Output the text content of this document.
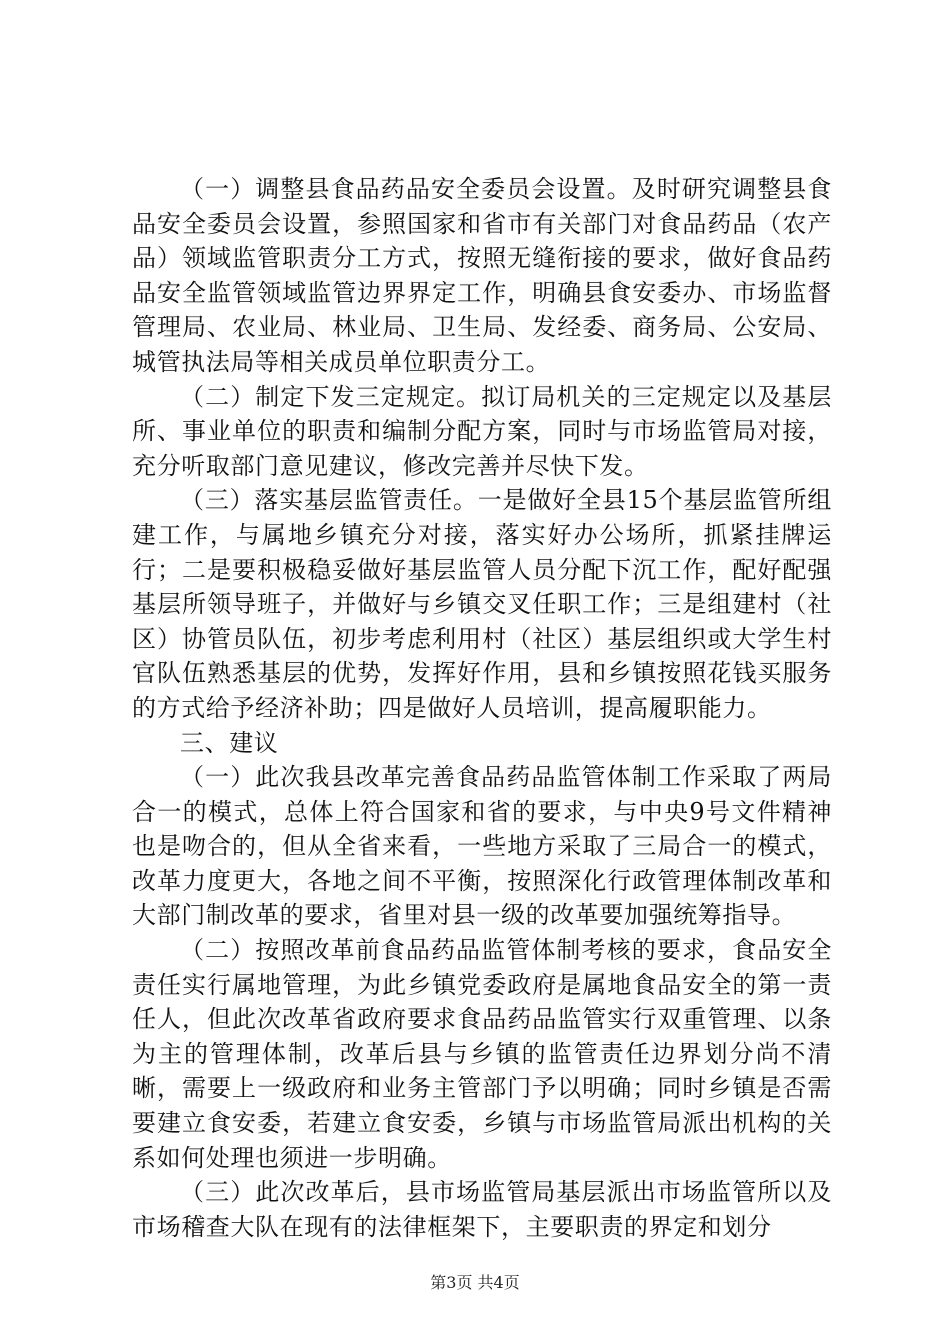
（一）调整县食品药品安全委员会设置。及时研究调整县食品安全委员会设置，参照国家和省市有关部门对食品药品（农产品）领域监管职责分工方式，按照无缝衔接的要求，做好食品药品安全监管领域监管边界界定工作，明确县食安委办、市场监督管理局、农业局、林业局、卫生局、发经委、商务局、公安局、城管执法局等相关成员单位职责分工。

（二）制定下发三定规定。拟订局机关的三定规定以及基层所、事业单位的职责和编制分配方案，同时与市场监管局对接，充分听取部门意见建议，修改完善并尽快下发。

（三）落实基层监管责任。一是做好全县15个基层监管所组建工作，与属地乡镇充分对接，落实好办公场所，抓紧挂牌运行；二是要积极稳妥做好基层监管人员分配下沉工作，配好配强基层所领导班子，并做好与乡镇交叉任职工作；三是组建村（社区）协管员队伍，初步考虑利用村（社区）基层组织或大学生村官队伍熟悉基层的优势，发挥好作用，县和乡镇按照花钱买服务的方式给予经济补助；四是做好人员培训，提高履职能力。

三、建议

（一）此次我县改革完善食品药品监管体制工作采取了两局合一的模式，总体上符合国家和省的要求，与中央9号文件精神也是吻合的，但从全省来看，一些地方采取了三局合一的模式，改革力度更大，各地之间不平衡，按照深化行政管理体制改革和大部门制改革的要求，省里对县一级的改革要加强统筹指导。

（二）按照改革前食品药品监管体制考核的要求，食品安全责任实行属地管理，为此乡镇党委政府是属地食品安全的第一责任人，但此次改革省政府要求食品药品监管实行双重管理、以条为主的管理体制，改革后县与乡镇的监管责任边界划分尚不清晰，需要上一级政府和业务主管部门予以明确；同时乡镇是否需要建立食安委，若建立食安委，乡镇与市场监管局派出机构的关系如何处理也须进一步明确。

（三）此次改革后，县市场监管局基层派出市场监管所以及市场稽查大队在现有的法律框架下，主要职责的界定和划分

第3页 共4页
